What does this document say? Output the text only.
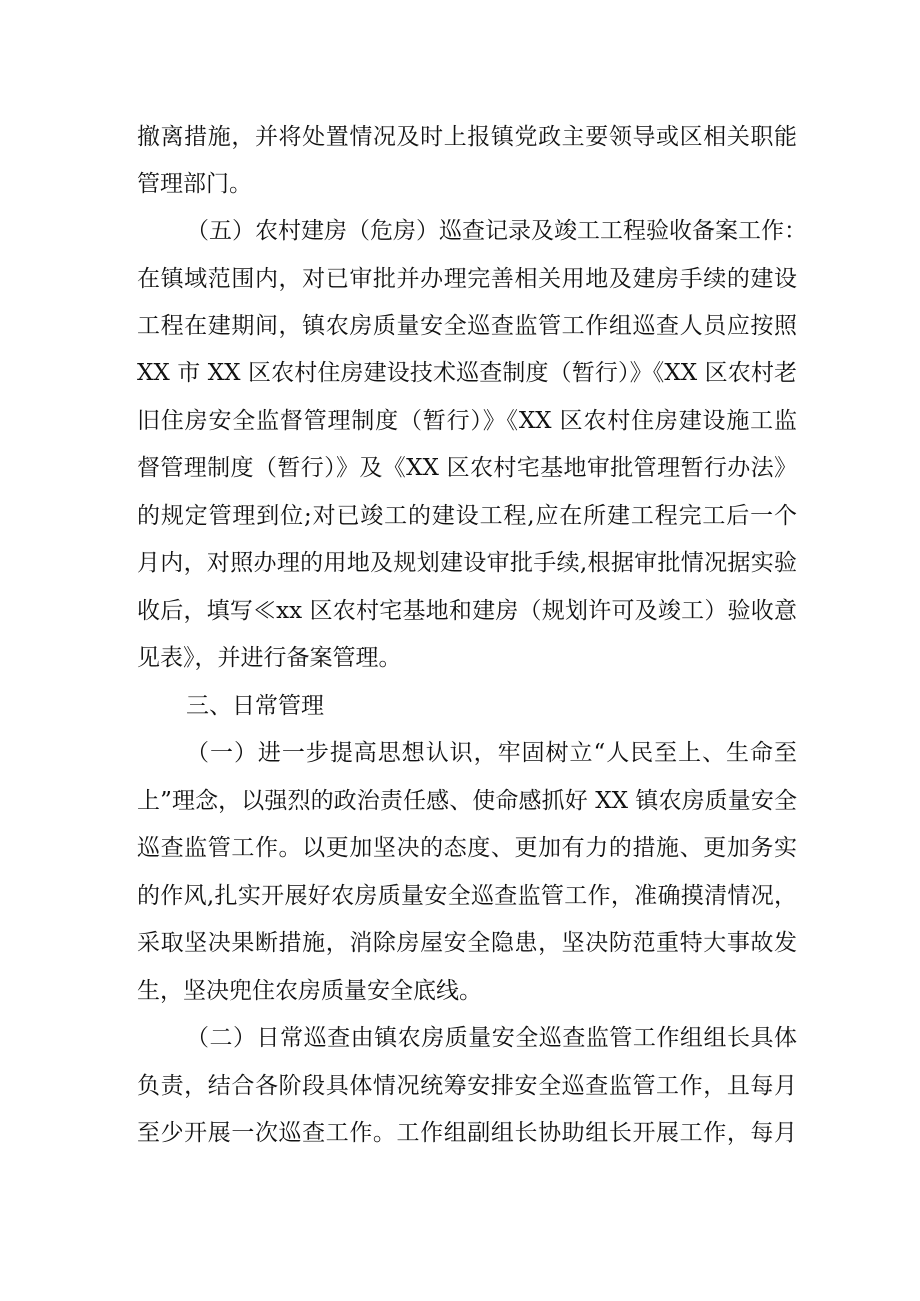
撤离措施，并将处置情况及时上报镇党政主要领导或区相关职能
管理部门。
（五）农村建房（危房）巡查记录及竣工工程验收备案工作：
在镇域范围内，对已审批并办理完善相关用地及建房手续的建设
工程在建期间，镇农房质量安全巡查监管工作组巡查人员应按照
XX 市 XX 区农村住房建设技术巡查制度（暂行）》《XX 区农村老
旧住房安全监督管理制度（暂行）》《XX 区农村住房建设施工监
督管理制度（暂行）》及《XX 区农村宅基地审批管理暂行办法》
的规定管理到位;对已竣工的建设工程,应在所建工程完工后一个
月内，对照办理的用地及规划建设审批手续,根据审批情况据实验
收后，填写≪xx 区农村宅基地和建房（规划许可及竣工）验收意
见表》，并进行备案管理。
三、日常管理
（一）进一步提高思想认识，牢固树立“人民至上、生命至
上”理念，以强烈的政治责任感、使命感抓好 XX 镇农房质量安全
巡查监管工作。以更加坚决的态度、更加有力的措施、更加务实
的作风,扎实开展好农房质量安全巡查监管工作，准确摸清情况，
采取坚决果断措施，消除房屋安全隐患，坚决防范重特大事故发
生，坚决兜住农房质量安全底线。
（二）日常巡查由镇农房质量安全巡查监管工作组组长具体
负责，结合各阶段具体情况统筹安排安全巡查监管工作，且每月
至少开展一次巡查工作。工作组副组长协助组长开展工作，每月
